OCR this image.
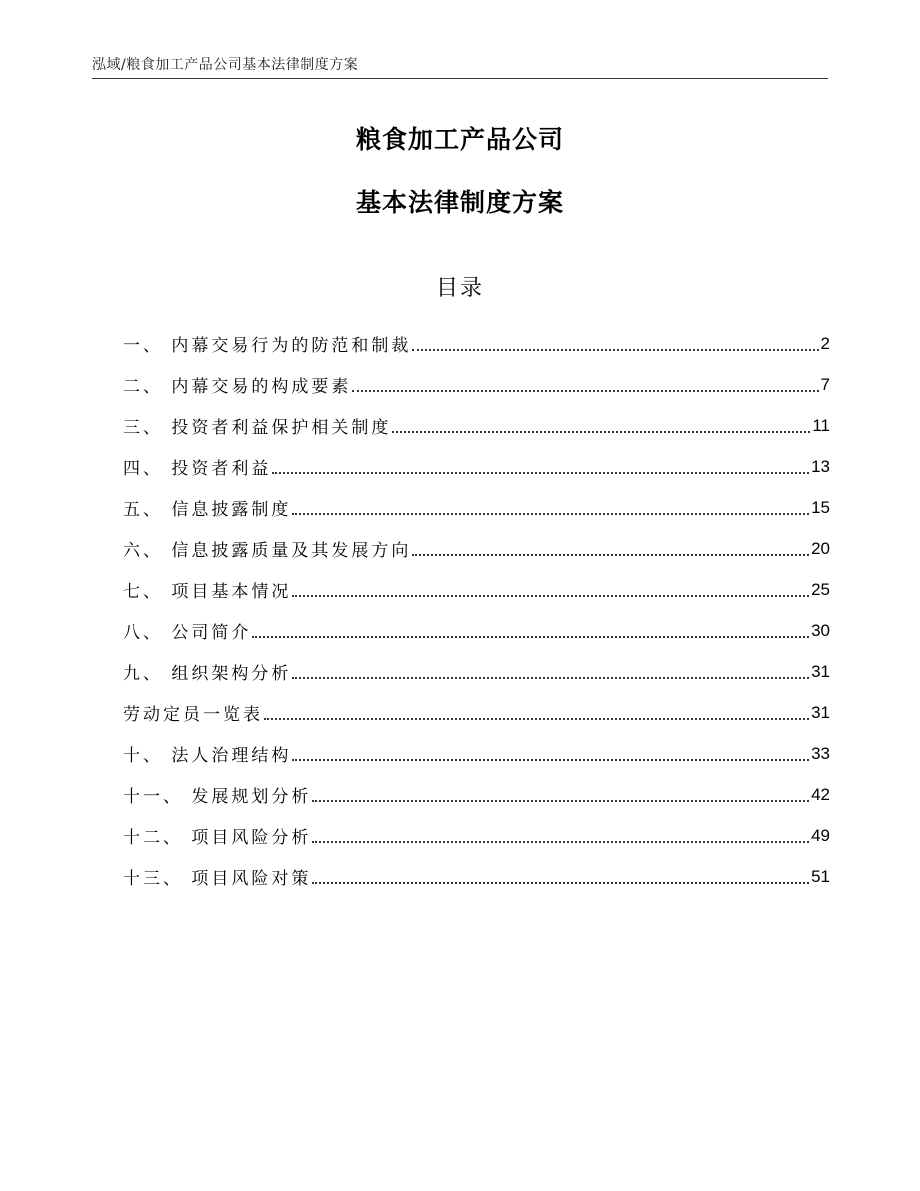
泓域/粮食加工产品公司基本法律制度方案
粮食加工产品公司
基本法律制度方案
目录
一、 内幕交易行为的防范和制裁	2
二、 内幕交易的构成要素	7
三、 投资者利益保护相关制度	11
四、 投资者利益	13
五、 信息披露制度	15
六、 信息披露质量及其发展方向	20
七、 项目基本情况	25
八、 公司简介	30
九、 组织架构分析	31
劳动定员一览表	31
十、 法人治理结构	33
十一、 发展规划分析	42
十二、 项目风险分析	49
十三、 项目风险对策	51
